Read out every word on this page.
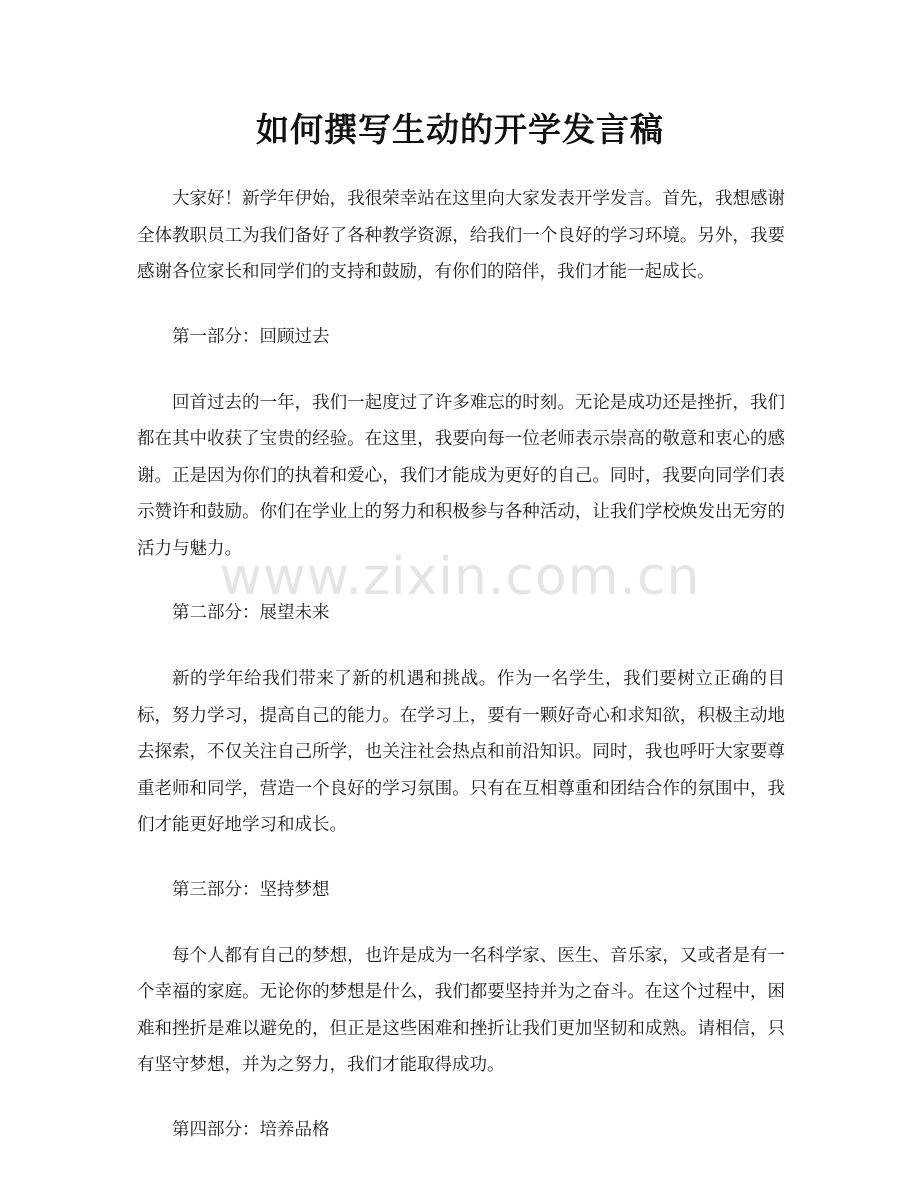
如何撰写生动的开学发言稿

大家好！新学年伊始，我很荣幸站在这里向大家发表开学发言。首先，我想感谢全体教职员工为我们备好了各种教学资源，给我们一个良好的学习环境。另外，我要感谢各位家长和同学们的支持和鼓励，有你们的陪伴，我们才能一起成长。

第一部分：回顾过去

回首过去的一年，我们一起度过了许多难忘的时刻。无论是成功还是挫折，我们都在其中收获了宝贵的经验。在这里，我要向每一位老师表示崇高的敬意和衷心的感谢。正是因为你们的执着和爱心，我们才能成为更好的自己。同时，我要向同学们表示赞许和鼓励。你们在学业上的努力和积极参与各种活动，让我们学校焕发出无穷的活力与魅力。

第二部分：展望未来

新的学年给我们带来了新的机遇和挑战。作为一名学生，我们要树立正确的目标，努力学习，提高自己的能力。在学习上，要有一颗好奇心和求知欲，积极主动地去探索，不仅关注自己所学，也关注社会热点和前沿知识。同时，我也呼吁大家要尊重老师和同学，营造一个良好的学习氛围。只有在互相尊重和团结合作的氛围中，我们才能更好地学习和成长。

第三部分：坚持梦想

每个人都有自己的梦想，也许是成为一名科学家、医生、音乐家，又或者是有一个幸福的家庭。无论你的梦想是什么，我们都要坚持并为之奋斗。在这个过程中，困难和挫折是难以避免的，但正是这些困难和挫折让我们更加坚韧和成熟。请相信，只有坚守梦想，并为之努力，我们才能取得成功。

第四部分：培养品格

www.zixin.com.cn
